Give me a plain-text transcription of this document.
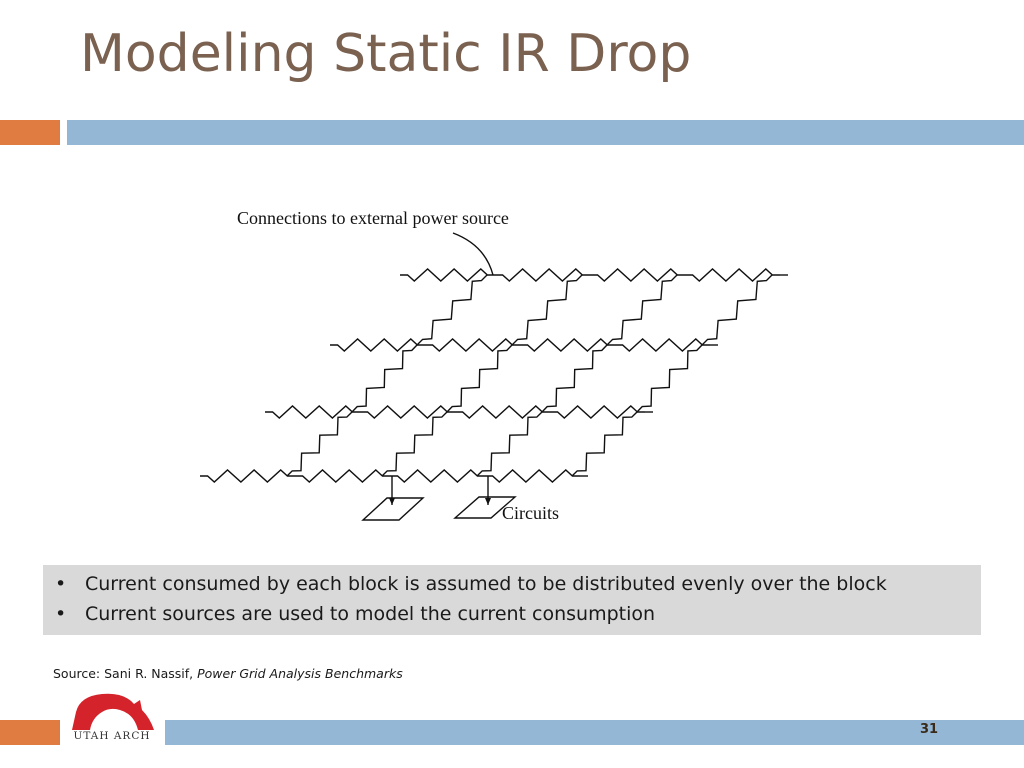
Modeling Static IR Drop
Connections to external power source
Circuits
• Current consumed by each block is assumed to be distributed evenly over the block
• Current sources are used to model the current consumption
Source: Sani R. Nassif, Power Grid Analysis Benchmarks
31
UTAH ARCH
